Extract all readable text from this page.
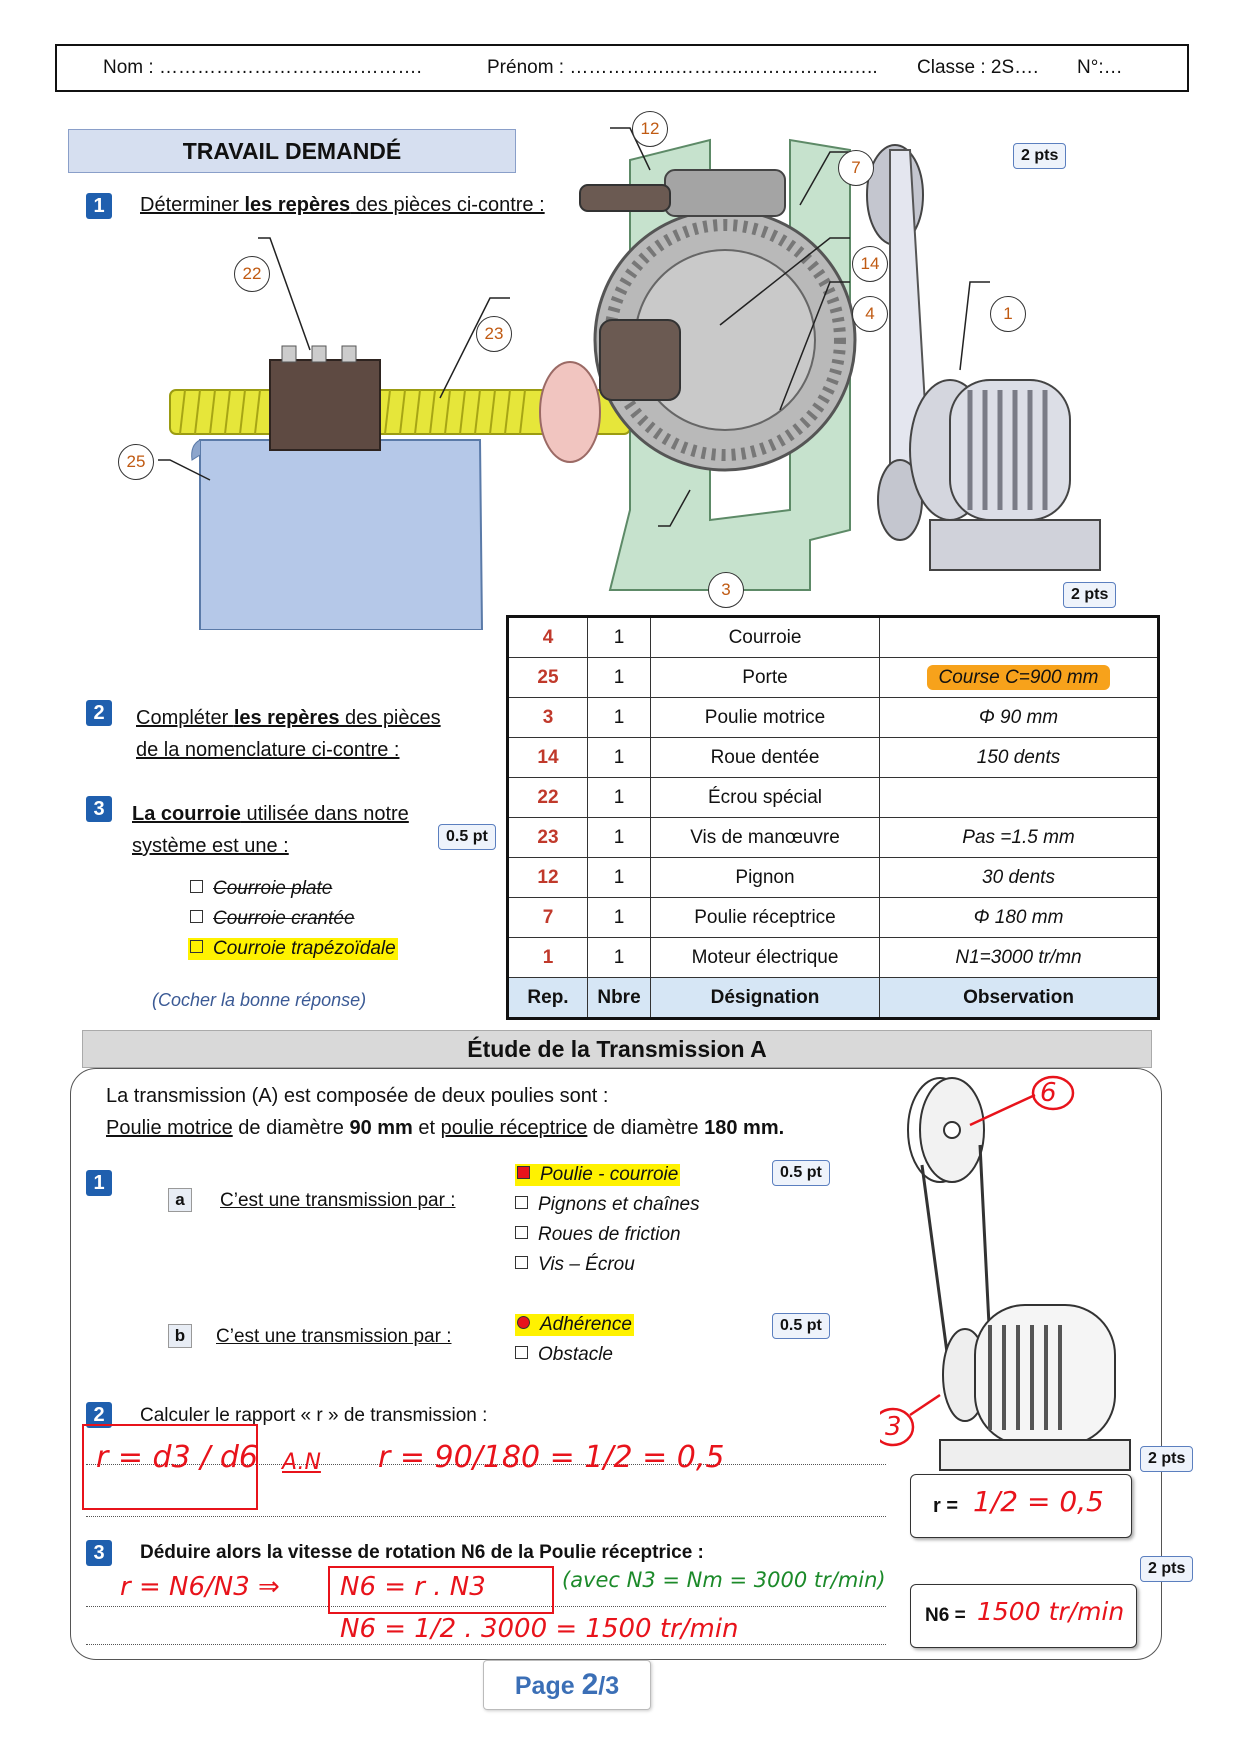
Nom : ………………………..………….	Prénom : ……………..………..……………..….. Classe : 2S…. N°:…
TRAVAIL DEMANDÉ
1	Déterminer les repères des pièces ci-contre :
2 pts
12
7
14
4	1
22
23
25
3	2 pts
4	1	Courroie	
25	1	Porte	Course C=900 mm
3	1	Poulie motrice	Φ 90 mm
14	1	Roue dentée	150 dents
22	1	Écrou spécial	
23	1	Vis de manœuvre	Pas =1.5 mm
12	1	Pignon	30 dents
7	1	Poulie réceptrice	Φ 180 mm
1	1	Moteur électrique	N1=3000 tr/mn
Rep.	Nbre	Désignation	Observation
2	Compléter les repères des pièces
de la nomenclature ci-contre :
3	La courroie utilisée dans notre
système est une :	0.5 pt
Courroie plate
Courroie crantée
Courroie trapézoïdale
(Cocher la bonne réponse)
Étude de la Transmission A
La transmission (A) est composée de deux poulies sont :
Poulie motrice de diamètre 90 mm et poulie réceptrice de diamètre 180 mm.
1
a	C’est une transmission par :
Poulie - courroie
Pignons et chaînes
Roues de friction
Vis – Écrou
0.5 pt
b	C’est une transmission par :
Adhérence
Obstacle
0.5 pt
6
3
2	Calculer le rapport « r » de transmission :
r = d3 / d6 A.N r = 90/180 = 1/2 = 0,5	2 pts
r = 1/2 = 0,5
3	Déduire alors la vitesse de rotation N6 de la Poulie réceptrice :
r = N6/N3 ⇒ N6 = r . N3	(avec N3 = Nm = 3000 tr/min)
N6 = 1/2 . 3000 = 1500 tr/min
2 pts
N6 = 1500 tr/min
Page 2/3
